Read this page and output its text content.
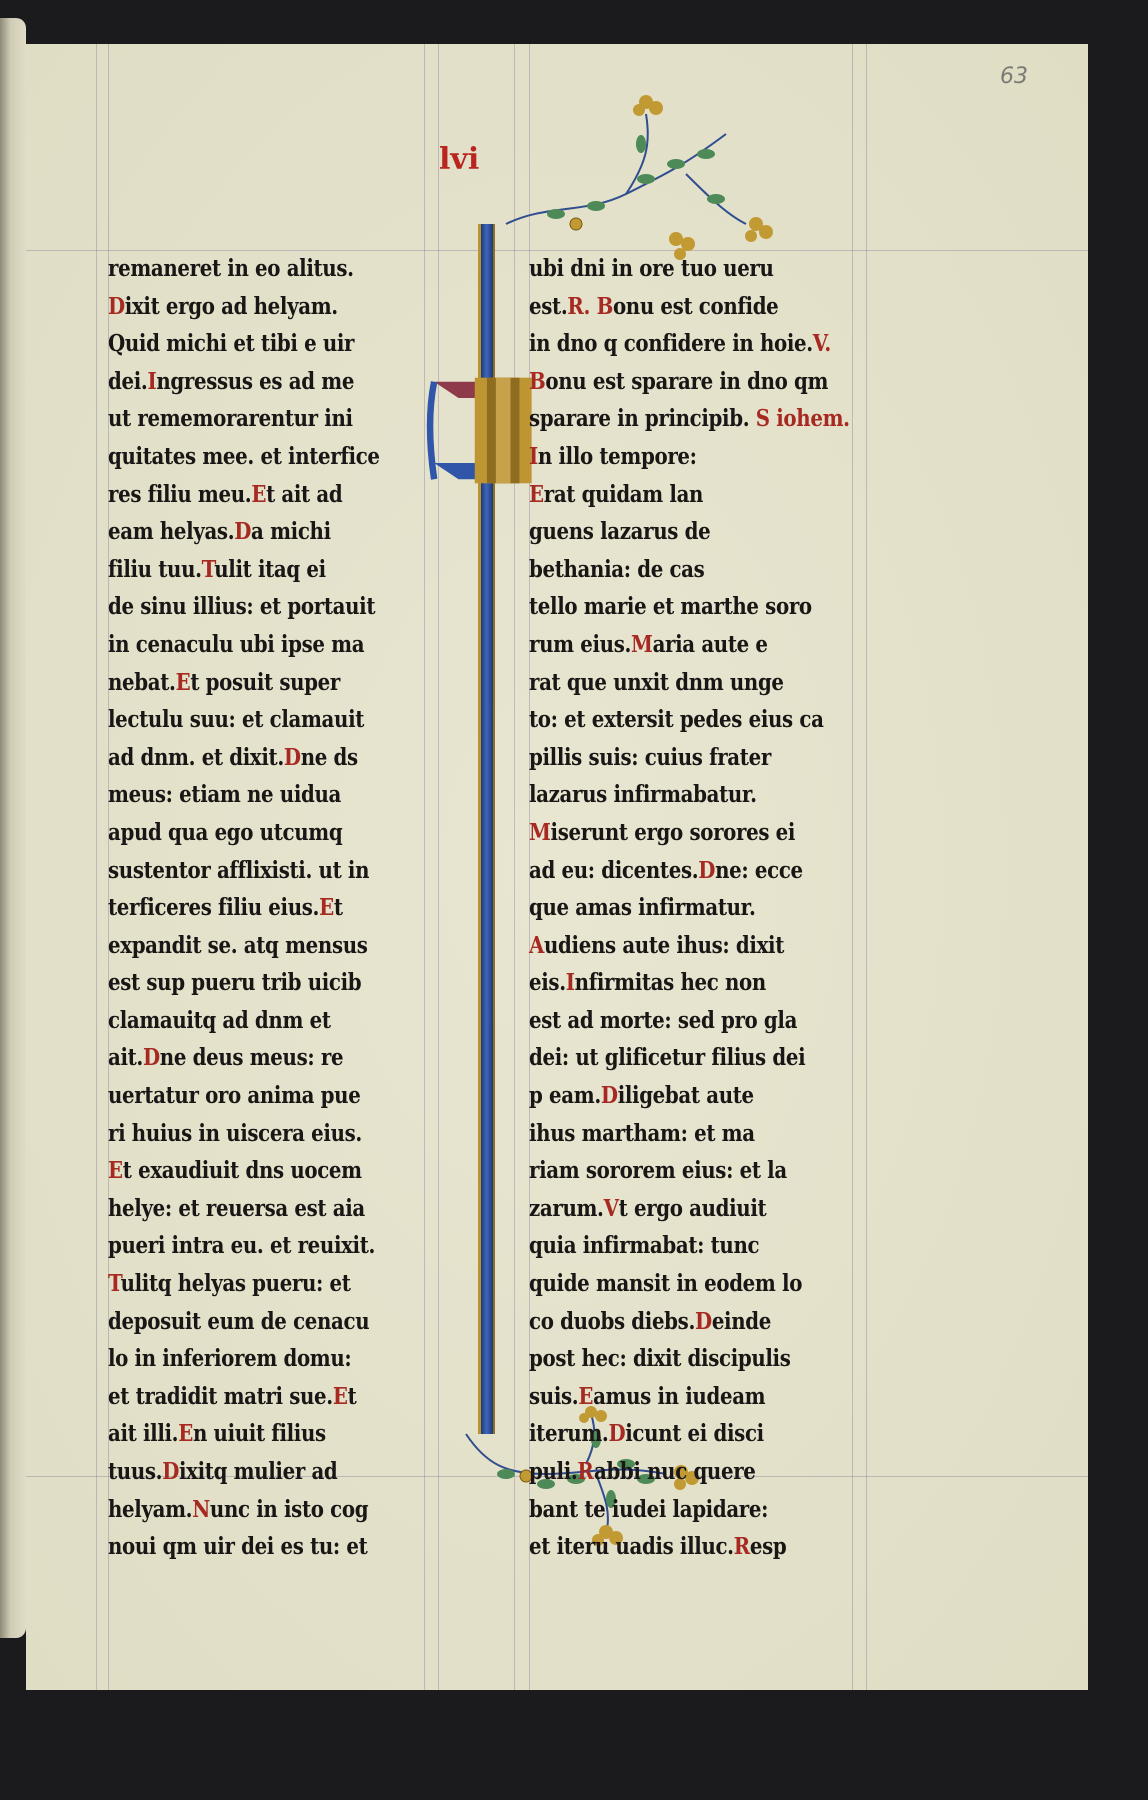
63
lvi
remaneret in eo alitus.
Dixit ergo ad helyam.
Quid michi et tibi e uir
dei.Ingressus es ad me
ut rememorarentur ini
quitates mee. et interfice
res filiu meu.Et ait ad
eam helyas.Da michi
filiu tuu.Tulit itaq ei
de sinu illius: et portauit
in cenaculu ubi ipse ma
nebat.Et posuit super
lectulu suu: et clamauit
ad dnm. et dixit.Dne ds
meus: etiam ne uidua
apud qua ego utcumq
sustentor afflixisti. ut in
terficeres filiu eius.Et
expandit se. atq mensus
est sup pueru trib uicib
clamauitq ad dnm et
ait.Dne deus meus: re
uertatur oro anima pue
ri huius in uiscera eius.
Et exaudiuit dns uocem
helye: et reuersa est aia
pueri intra eu. et reuixit.
Tulitq helyas pueru: et
deposuit eum de cenacu
lo in inferiorem domu:
et tradidit matri sue.Et
ait illi.En uiuit filius
tuus.Dixitq mulier ad
helyam.Nunc in isto cog
noui qm uir dei es tu: et
ubi dni in ore tuo ueru
est.R. Bonu est confide
in dno q confidere in hoie.V.
Bonu est sparare in dno qm
sparare in principib. S iohem.
In illo tempore:
Erat quidam lan
guens lazarus de
bethania: de cas
tello marie et marthe soro
rum eius.Maria aute e
rat que unxit dnm unge
to: et extersit pedes eius ca
pillis suis: cuius frater
lazarus infirmabatur.
Miserunt ergo sorores ei
ad eu: dicentes.Dne: ecce
que amas infirmatur.
Audiens aute ihus: dixit
eis.Infirmitas hec non
est ad morte: sed pro gla
dei: ut glificetur filius dei
p eam.Diligebat aute
ihus martham: et ma
riam sororem eius: et la
zarum.Vt ergo audiuit
quia infirmabat: tunc
quide mansit in eodem lo
co duobs diebs.Deinde
post hec: dixit discipulis
suis.Eamus in iudeam
iterum.Dicunt ei disci
puli.Rabbi nuc quere
bant te iudei lapidare:
et iteru uadis illuc.Resp
